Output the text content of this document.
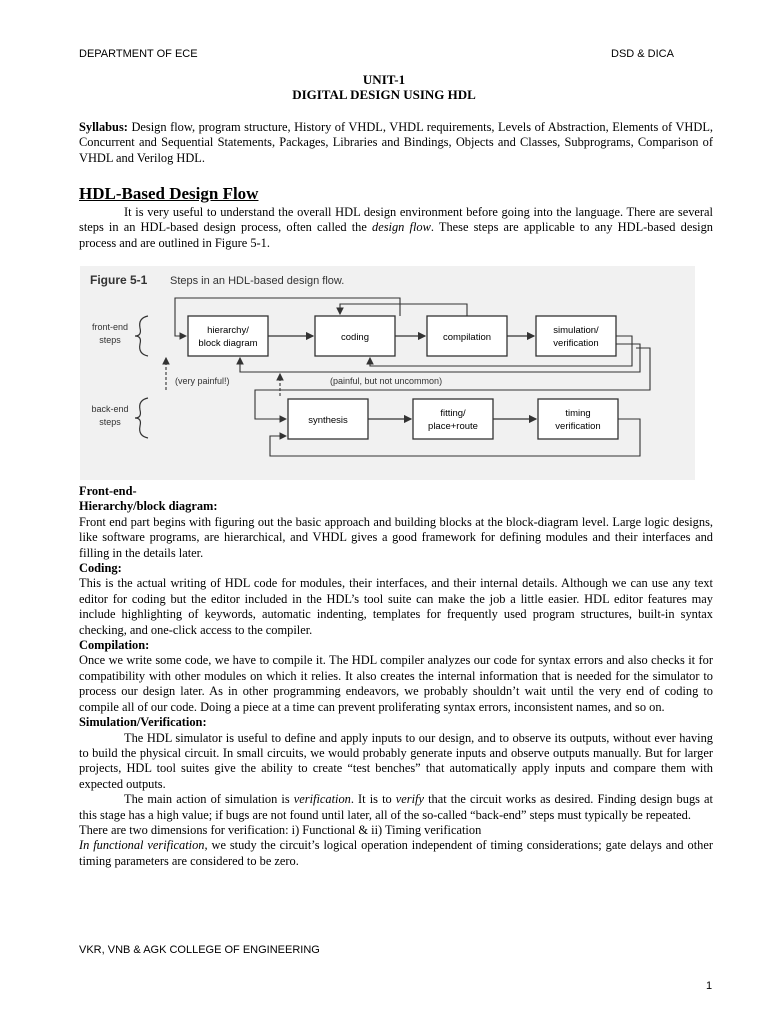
DEPARTMENT OF ECE	DSD & DICA
UNIT-1
DIGITAL DESIGN USING HDL

Syllabus: Design flow, program structure, History of VHDL, VHDL requirements, Levels of Abstraction, Elements of VHDL, Concurrent and Sequential Statements, Packages, Libraries and Bindings, Objects and Classes, Subprograms, Comparison of VHDL and Verilog HDL.

HDL-Based Design Flow

It is very useful to understand the overall HDL design environment before going into the language. There are several steps in an HDL-based design process, often called the design flow. These steps are applicable to any HDL-based design process and are outlined in Figure 5-1.

Figure 5-1 Steps in an HDL-based design flow.
front-end
steps
back-end
steps
hierarchy/
block diagram
coding	compilation
simulation/
verification
synthesis
fitting/
place+route
timing
verification
(very painful!)	(painful, but not uncommon)

Front-end-

Hierarchy/block diagram:

Front end part begins with figuring out the basic approach and building blocks at the block-diagram level. Large logic designs, like software programs, are hierarchical, and VHDL gives a good framework for defining modules and their interfaces and filling in the details later.

Coding:

This is the actual writing of HDL code for modules, their interfaces, and their internal details. Although we can use any text editor for coding but the editor included in the HDL’s tool suite can make the job a little easier. HDL editor features may include highlighting of keywords, automatic indenting, templates for frequently used program structures, built-in syntax checking, and one-click access to the compiler.

Compilation:

Once we write some code, we have to compile it. The HDL compiler analyzes our code for syntax errors and also checks it for compatibility with other modules on which it relies. It also creates the internal information that is needed for the simulator to process our design later. As in other programming endeavors, we probably shouldn’t wait until the very end of coding to compile all of our code. Doing a piece at a time can prevent proliferating syntax errors, inconsistent names, and so on.

Simulation/Verification:

The HDL simulator is useful to define and apply inputs to our design, and to observe its outputs, without ever having to build the physical circuit. In small circuits, we would probably generate inputs and observe outputs manually. But for larger projects, HDL tool suites give the ability to create “test benches” that automatically apply inputs and compare them with expected outputs.

The main action of simulation is verification. It is to verify that the circuit works as desired. Finding design bugs at this stage has a high value; if bugs are not found until later, all of the so-called “back-end” steps must typically be repeated.

There are two dimensions for verification: i) Functional & ii) Timing verification

In functional verification, we study the circuit’s logical operation independent of timing considerations; gate delays and other timing parameters are considered to be zero.

VKR, VNB & AGK COLLEGE OF ENGINEERING
1
